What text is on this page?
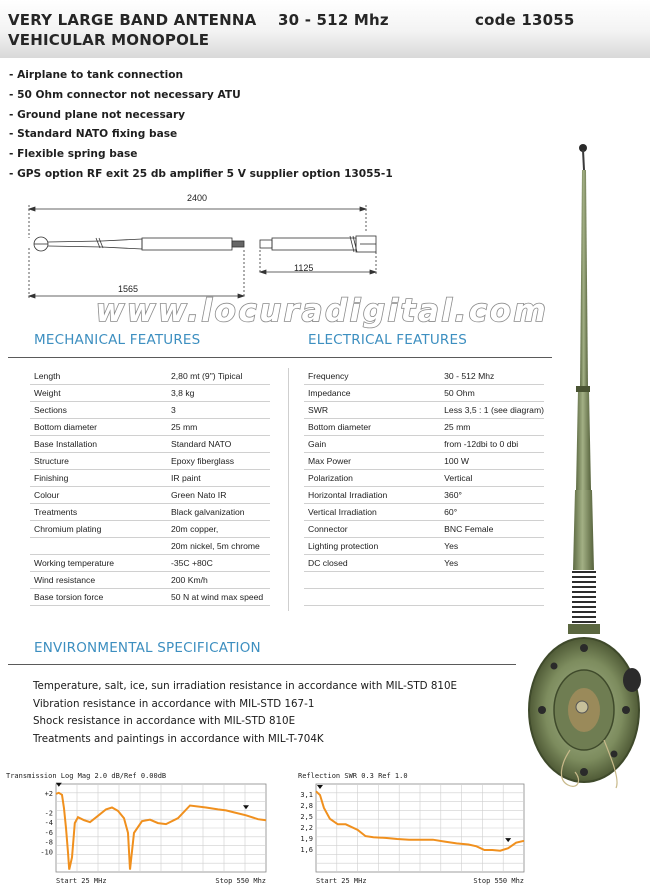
VERY LARGE BAND ANTENNA 30 - 512 Mhz	code 13055
VEHICULAR MONOPOLE
- Airplane to tank connection
- 50 Ohm connector not necessary ATU
- Ground plane not necessary
- Standard NATO fixing base
- Flexible spring base
- GPS option RF exit 25 db amplifier 5 V supplier option 13055-1
2400
1125
1565
www.locuradigital.com
MECHANICAL FEATURES	ELECTRICAL FEATURES
Length	2,80 mt (9") Tipical
Weight	3,8 kg
Sections	3
Bottom diameter	25 mm
Base Installation	Standard NATO
Structure	Epoxy fiberglass
Finishing	IR paint
Colour	Green Nato IR
Treatments	Black galvanization
Chromium plating	20m copper,
	20m nickel, 5m chrome
Working temperature	-35C +80C
Wind resistance	200 Km/h
Base torsion force	50 N at wind max speed
Frequency	30 - 512 Mhz
Impedance	50 Ohm
SWR	Less 3,5 : 1 (see diagram)
Bottom diameter	25 mm
Gain	from -12dbi to 0 dbi
Max Power	100 W
Polarization	Vertical
Horizontal Irradiation	360°
Vertical Irradiation	60°
Connector	BNC Female
Lighting protection	Yes
DC closed	Yes

ENVIRONMENTAL SPECIFICATION
Temperature, salt, ice, sun irradiation resistance in accordance with MIL-STD 810E
Vibration resistance in accordance with MIL-STD 167-1
Shock resistance in accordance with MIL-STD 810E
Treatments and paintings in accordance with MIL-T-704K
Transmission Log Mag 2.0 dB/Ref 0.00dB
+2
-2
-4
-6
-8
-10
Start 25 MHz	Stop 550 Mhz
Reflection SWR 0.3 Ref 1.0
3,1
2,8
2,5
2,2
1,9
1,6
Start 25 MHz	Stop 550 Mhz
